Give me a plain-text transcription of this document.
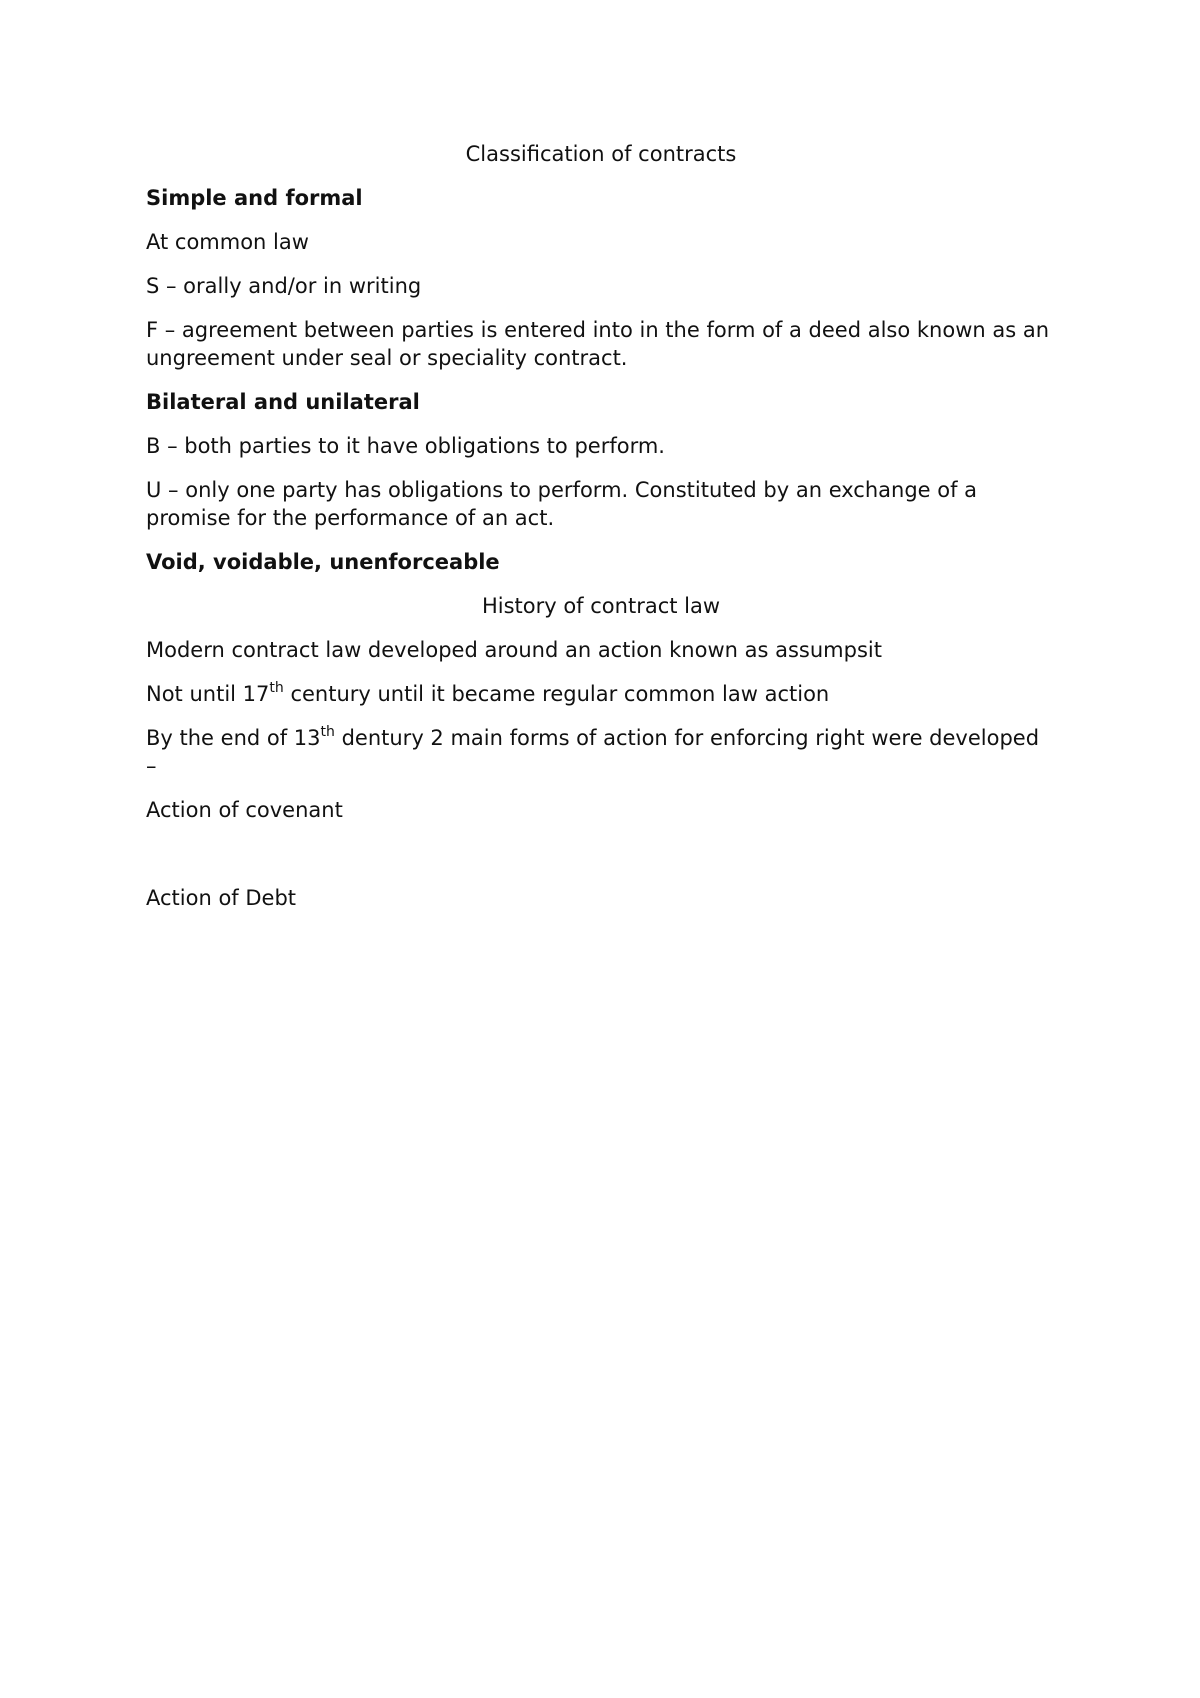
Classification of contracts

Simple and formal

At common law

S – orally and/or in writing

F – agreement between parties is entered into in the form of a deed also known as an ungreement under seal or speciality contract.

Bilateral and unilateral

B – both parties to it have obligations to perform.

U – only one party has obligations to perform. Constituted by an exchange of a promise for the performance of an act.

Void, voidable, unenforceable

History of contract law

Modern contract law developed around an action known as assumpsit

Not until 17th century until it became regular common law action

By the end of 13th dentury 2 main forms of action for enforcing right were developed –

Action of covenant

Action of Debt
